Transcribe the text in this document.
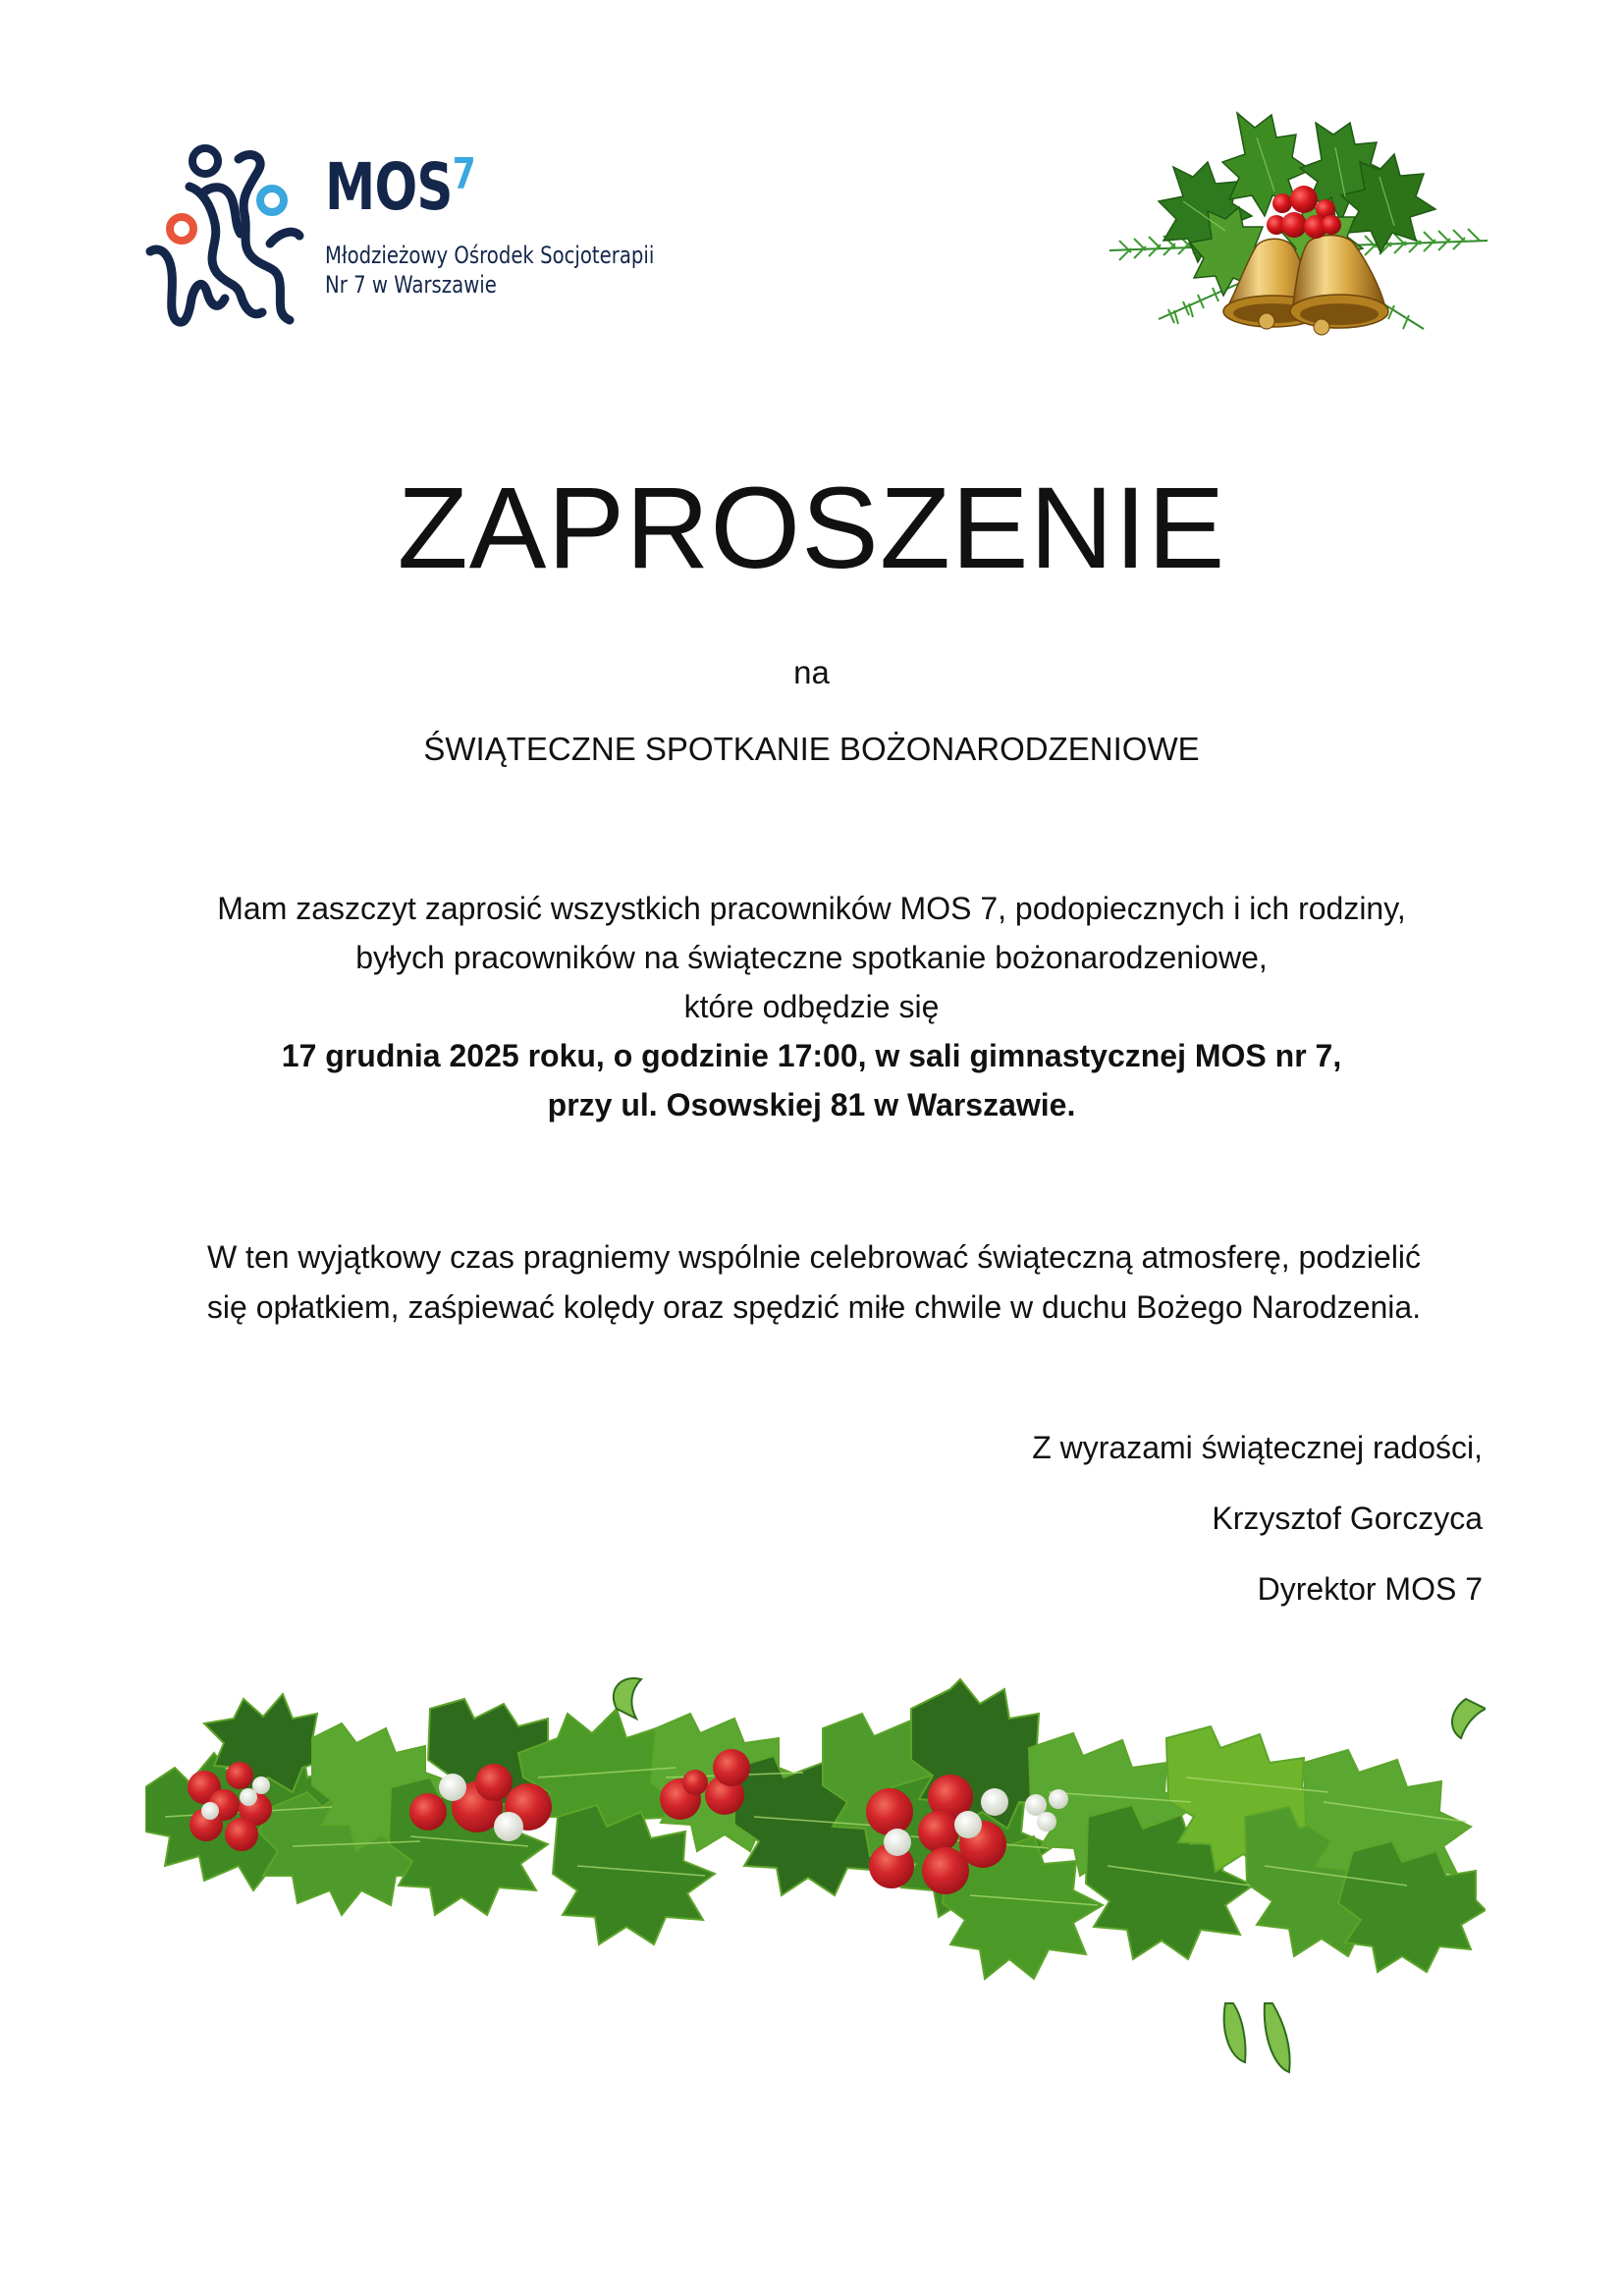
MOS$^7$
Młodzieżowy Ośrodek Socjoterapii
Nr 7 w Warszawie
ZAPROSZENIE
na
ŚWIĄTECZNE SPOTKANIE BOŻONARODZENIOWE
Mam zaszczyt zaprosić wszystkich pracowników MOS 7, podopiecznych i ich rodziny,
byłych pracowników na świąteczne spotkanie bożonarodzeniowe,
które odbędzie się
17 grudnia 2025 roku, o godzinie 17:00, w sali gimnastycznej MOS nr 7,
przy ul. Osowskiej 81 w Warszawie.
W ten wyjątkowy czas pragniemy wspólnie celebrować świąteczną atmosferę, podzielić
się opłatkiem, zaśpiewać kolędy oraz spędzić miłe chwile w duchu Bożego Narodzenia.
Z wyrazami świątecznej radości,
Krzysztof Gorczyca
Dyrektor MOS 7
